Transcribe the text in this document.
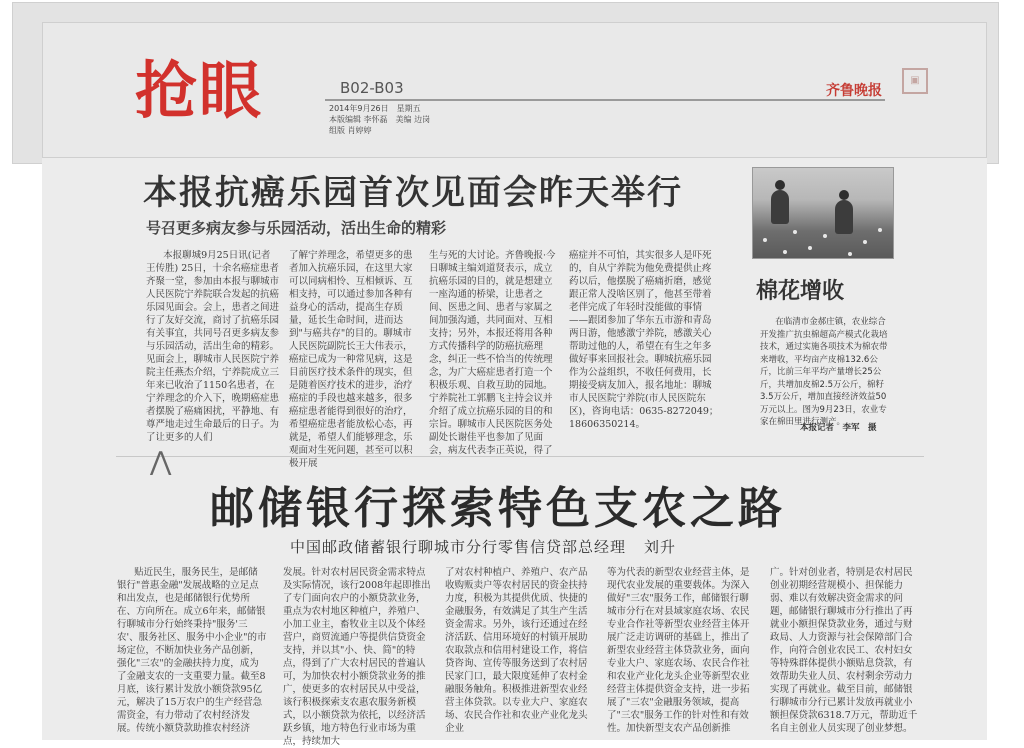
抢眼	B02-B03
2014年9月26日　星期五
本版编辑 李怀磊　美编 边岗
组版 肖婷婷
齐鲁晚报
▣
本报抗癌乐园首次见面会昨天举行
号召更多病友参与乐园活动，活出生命的精彩

本报聊城9月25日讯(记者 王传胜) 25日，十余名癌症患者齐聚一堂，参加由本报与聊城市人民医院宁养院联合发起的抗癌乐园见面会。会上，患者之间进行了友好交流，商讨了抗癌乐园有关事宜，共同号召更多病友参与乐园活动，活出生命的精彩。见面会上，聊城市人民医院宁养院主任燕杰介绍，宁养院成立三年来已收治了1150名患者，在宁养理念的介入下，晚期癌症患者摆脱了癌痛困扰，平静地、有尊严地走过生命最后的日子。为了让更多的人们

了解宁养理念，希望更多的患者加入抗癌乐园，在这里大家可以同病相怜、互相倾诉、互相支持，可以通过参加各种有益身心的活动，提高生存质量，延长生命时间，进而达到"与癌共存"的目的。聊城市人民医院副院长王大伟表示，癌症已成为一种常见病，这是目前医疗技术条件的现实，但是随着医疗技术的进步，治疗癌症的手段也越来越多，很多癌症患者能得到很好的治疗，希望癌症患者能放松心态，再就是，希望人们能够理念，乐观面对生死问题，甚至可以积极开展

生与死的大讨论。齐鲁晚报·今日聊城主编刘道贤表示，成立抗癌乐园的目的，就是想建立一座沟通的桥梁，让患者之间、医患之间、患者与家属之间加强沟通，共同面对、互相支持；另外，本报还将用各种方式传播科学的防癌抗癌理念，纠正一些不恰当的传统理念，为广大癌症患者打造一个积极乐观、自救互助的园地。宁养院社工郭鹏飞主持会议并介绍了成立抗癌乐园的目的和宗旨。聊城市人民医院医务处副处长谢佳平也参加了见面会，病友代表李正英说，得了

癌症并不可怕，其实很多人是吓死的，自从宁养院为他免费提供止疼药以后，他摆脱了癌痛折磨，感觉跟正常人没啥区别了，他甚至带着老伴完成了年轻时没能做的事情——跟团参加了华东五市游和青岛两日游，他感激宁养院，感激关心帮助过他的人，希望在有生之年多做好事来回报社会。聊城抗癌乐园作为公益组织，不收任何费用，长期接受病友加入，报名地址：聊城市人民医院宁养院(市人民医院东区)，咨询电话：0635-8272049；18606350214。

棉花增收
在临清市金郝庄镇，农业综合开发推广抗虫棉超高产模式化栽培技术，通过实施各项技术为棉农带来增收，平均亩产皮棉132.6公斤，比前三年平均产量增长25公斤，共增加皮棉2.5万公斤，棉籽3.5万公斤，增加直接经济效益50万元以上。图为9月23日，农业专家在棉田里进行测产。
本报记者　李军　摄
⋀
邮储银行探索特色支农之路
中国邮政储蓄银行聊城市分行零售信贷部总经理 刘升

贴近民生，服务民生，是邮储银行"普惠金融"发展战略的立足点和出发点，也是邮储银行优势所在、方向所在。成立6年来，邮储银行聊城市分行始终秉持"服务'三农'、服务社区、服务中小企业"的市场定位，不断加快业务产品创新，强化"三农"的金融扶持力度，成为了金融支农的一支重要力量。截至8月底，该行累计发放小额贷款95亿元，解决了15万农户的生产经营急需资金，有力带动了农村经济发展。传统小额贷款助推农村经济

发展。针对农村居民资金需求特点及实际情况，该行2008年起即推出了专门面向农户的小额贷款业务，重点为农村地区种植户，养殖户、小加工业主，畜牧业主以及个体经营户，商贸流通户等提供信贷资金支持，并以其"小、快、简"的特点，得到了广大农村居民的普遍认可，为加快农村小额贷款业务的推广，使更多的农村居民从中受益，该行积极探索支农惠农服务新模式，以小额贷款为依托，以经济活跃乡镇，地方特色行业市场为重点，持续加大

了对农村种植户、养殖户、农产品收购贩卖户等农村居民的资金扶持力度，积极为其提供优质、快捷的金融服务，有效满足了其生产生活资金需求。另外，该行还通过在经济活跃、信用环境好的村镇开展助农取款点和信用村建设工作，将信贷咨询、宣传等服务送到了农村居民家门口，最大限度延伸了农村金融服务触角。积极推进新型农业经营主体贷款。以专业大户、家庭农场、农民合作社和农业产业化龙头企业

等为代表的新型农业经营主体，是现代农业发展的重要载体。为深入做好"三农"服务工作，邮储银行聊城市分行在对县域家庭农场、农民专业合作社等新型农业经营主体开展广泛走访调研的基础上，推出了新型农业经营主体贷款业务，面向专业大户、家庭农场、农民合作社和农业产业化龙头企业等新型农业经营主体提供资金支持，进一步拓展了"三农"金融服务领域，提高了"三农"服务工作的针对性和有效性。加快新型支农产品创新推

广。针对创业者，特别是农村居民创业初期经营规模小、担保能力弱、难以有效解决资金需求的问题，邮储银行聊城市分行推出了再就业小额担保贷款业务，通过与财政局、人力资源与社会保障部门合作，向符合创业农民工、农村妇女等特殊群体提供小额贴息贷款，有效帮助失业人员、农村剩余劳动力实现了再就业。截至目前，邮储银行聊城市分行已累计发放再就业小额担保贷款6318.7万元，帮助近千名自主创业人员实现了创业梦想。
